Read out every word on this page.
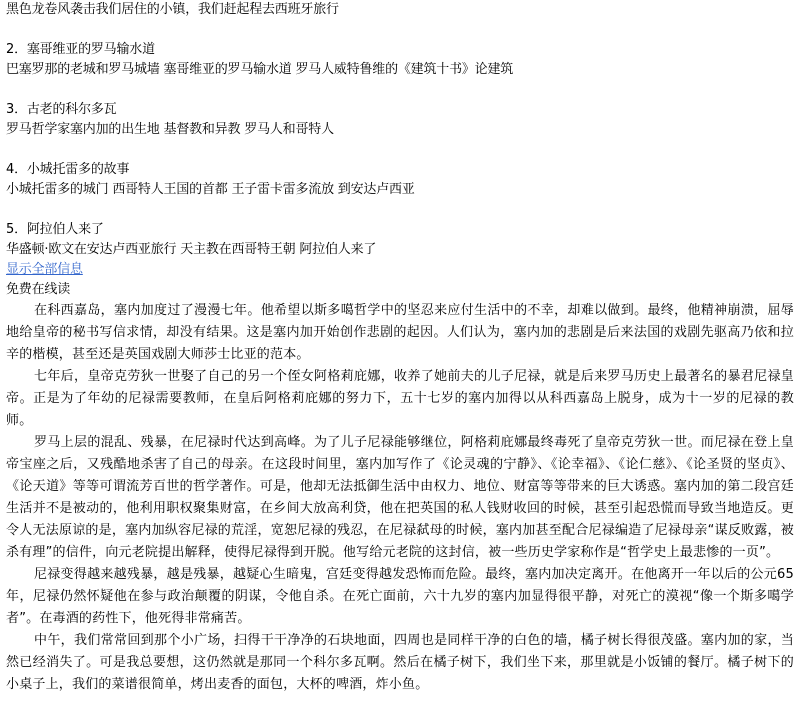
黑色龙卷风袭击我们居住的小镇，我们赶起程去西班牙旅行
2．塞哥维亚的罗马输水道
巴塞罗那的老城和罗马城墙 塞哥维亚的罗马输水道 罗马人威特鲁维的《建筑十书》论建筑
3．古老的科尔多瓦
罗马哲学家塞内加的出生地 基督教和异教 罗马人和哥特人
4．小城托雷多的故事
小城托雷多的城门 西哥特人王国的首都 王子雷卡雷多流放 到安达卢西亚
5．阿拉伯人来了
华盛顿·欧文在安达卢西亚旅行 天主教在西哥特王朝 阿拉伯人来了
显示全部信息
免费在线读

在科西嘉岛，塞内加度过了漫漫七年。他希望以斯多噶哲学中的坚忍来应付生活中的不幸，却难以做到。最终，他精神崩溃，屈辱地给皇帝的秘书写信求情，却没有结果。这是塞内加开始创作悲剧的起因。人们认为，塞内加的悲剧是后来法国的戏剧先驱高乃依和拉辛的楷模，甚至还是英国戏剧大师莎士比亚的范本。

七年后，皇帝克劳狄一世娶了自己的另一个侄女阿格莉庇娜，收养了她前夫的儿子尼禄，就是后来罗马历史上最著名的暴君尼禄皇帝。正是为了年幼的尼禄需要教师，在皇后阿格莉庇娜的努力下，五十七岁的塞内加得以从科西嘉岛上脱身，成为十一岁的尼禄的教师。

罗马上层的混乱、残暴，在尼禄时代达到高峰。为了儿子尼禄能够继位，阿格莉庇娜最终毒死了皇帝克劳狄一世。而尼禄在登上皇帝宝座之后，又残酷地杀害了自己的母亲。在这段时间里，塞内加写作了《论灵魂的宁静》、《论幸福》、《论仁慈》、《论圣贤的坚贞》、《论天道》等等可谓流芳百世的哲学著作。可是，他却无法抵御生活中由权力、地位、财富等等带来的巨大诱惑。塞内加的第二段宫廷生活并不是被动的，他利用职权聚集财富，在乡间大放高利贷，他在把英国的私人钱财收回的时候，甚至引起恐慌而导致当地造反。更令人无法原谅的是，塞内加纵容尼禄的荒淫，宽恕尼禄的残忍，在尼禄弑母的时候，塞内加甚至配合尼禄编造了尼禄母亲“谋反败露，被杀有理”的信件，向元老院提出解释，使得尼禄得到开脱。他写给元老院的这封信，被一些历史学家称作是“哲学史上最悲惨的一页”。

尼禄变得越来越残暴，越是残暴，越疑心生暗鬼，宫廷变得越发恐怖而危险。最终，塞内加决定离开。在他离开一年以后的公元65年，尼禄仍然怀疑他在参与政治颠覆的阴谋，令他自杀。在死亡面前，六十九岁的塞内加显得很平静，对死亡的漠视“像一个斯多噶学者”。在毒酒的药性下，他死得非常痛苦。

中午，我们常常回到那个小广场，扫得干干净净的石块地面，四周也是同样干净的白色的墙，橘子树长得很茂盛。塞内加的家，当然已经消失了。可是我总要想，这仍然就是那同一个科尔多瓦啊。然后在橘子树下，我们坐下来，那里就是小饭铺的餐厅。橘子树下的小桌子上，我们的菜谱很简单，烤出麦香的面包，大杯的啤酒，炸小鱼。
